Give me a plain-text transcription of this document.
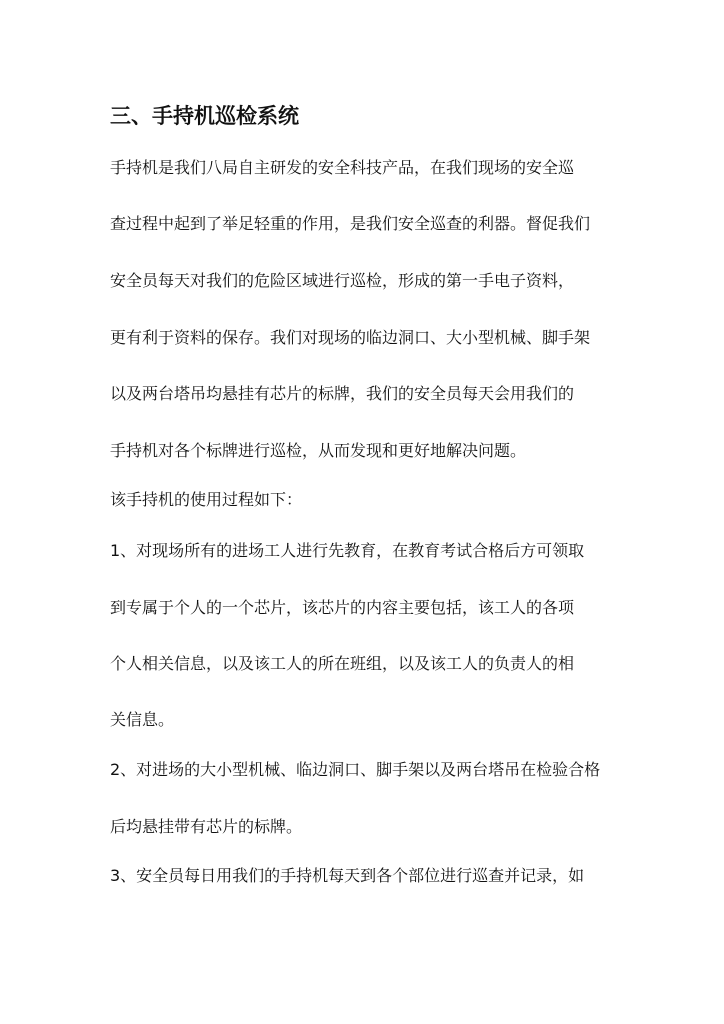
三、手持机巡检系统
手持机是我们八局自主研发的安全科技产品，在我们现场的安全巡
查过程中起到了举足轻重的作用，是我们安全巡查的利器。督促我们
安全员每天对我们的危险区域进行巡检，形成的第一手电子资料，
更有利于资料的保存。我们对现场的临边洞口、大小型机械、脚手架
以及两台塔吊均悬挂有芯片的标牌，我们的安全员每天会用我们的
手持机对各个标牌进行巡检，从而发现和更好地解决问题。
该手持机的使用过程如下：
1、对现场所有的进场工人进行先教育，在教育考试合格后方可领取
到专属于个人的一个芯片，该芯片的内容主要包括，该工人的各项
个人相关信息，以及该工人的所在班组，以及该工人的负责人的相
关信息。
2、对进场的大小型机械、临边洞口、脚手架以及两台塔吊在检验合格
后均悬挂带有芯片的标牌。
3、安全员每日用我们的手持机每天到各个部位进行巡查并记录，如
